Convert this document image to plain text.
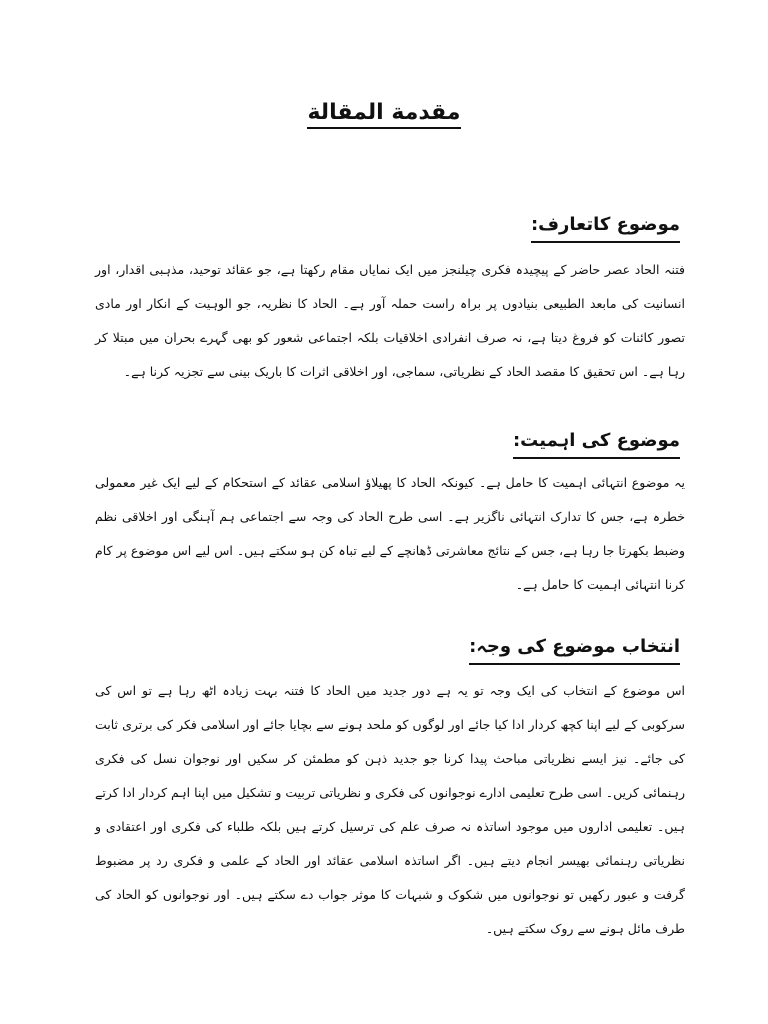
مقدمة المقالة
موضوع کاتعارف:

فتنہ الحاد عصر حاضر کے پیچیدہ فکری چیلنجز میں ایک نمایاں مقام رکھتا ہے، جو عقائد توحید، مذہبی اقدار، اور انسانیت کی مابعد الطبیعی بنیادوں پر براہ راست حملہ آور ہے۔ الحاد کا نظریہ، جو الوہیت کے انکار اور مادی تصور کائنات کو فروغ دیتا ہے، نہ صرف انفرادی اخلاقیات بلکہ اجتماعی شعور کو بھی گہرے بحران میں مبتلا کر رہا ہے۔ اس تحقیق کا مقصد الحاد کے نظریاتی، سماجی، اور اخلاقی اثرات کا باریک بینی سے تجزیہ کرنا ہے۔

موضوع کی اہمیت:

یہ موضوع انتہائی اہمیت کا حامل ہے۔ کیونکہ الحاد کا پھیلاؤ اسلامی عقائد کے استحکام کے لیے ایک غیر معمولی خطرہ ہے، جس کا تدارک انتہائی ناگزیر ہے۔ اسی طرح الحاد کی وجہ سے اجتماعی ہم آہنگی اور اخلاقی نظم وضبط بکھرتا جا رہا ہے، جس کے نتائج معاشرتی ڈھانچے کے لیے تباہ کن ہو سکتے ہیں۔ اس لیے اس موضوع پر کام کرنا انتہائی اہمیت کا حامل ہے۔

انتخاب موضوع کی وجہ:

اس موضوع کے انتخاب کی ایک وجہ تو یہ ہے دور جدید میں الحاد کا فتنہ بہت زیادہ اٹھ رہا ہے تو اس کی سرکوبی کے لیے اپنا کچھ کردار ادا کیا جائے اور لوگوں کو ملحد ہونے سے بچایا جائے اور اسلامی فکر کی برتری ثابت کی جائے۔ نیز ایسے نظریاتی مباحث پیدا کرنا جو جدید ذہن کو مطمئن کر سکیں اور نوجوان نسل کی فکری رہنمائی کریں۔ اسی طرح تعلیمی ادارے نوجوانوں کی فکری و نظریاتی تربیت و تشکیل میں اپنا اہم کردار ادا کرتے ہیں۔ تعلیمی اداروں میں موجود اساتذہ نہ صرف علم کی ترسیل کرتے ہیں بلکہ طلباء کی فکری اور اعتقادی و نظریاتی رہنمائی بھیسر انجام دیتے ہیں۔ اگر اساتذہ اسلامی عقائد اور الحاد کے علمی و فکری رد پر مضبوط گرفت و عبور رکھیں تو نوجوانوں میں شکوک و شبہات کا موثر جواب دے سکتے ہیں۔ اور نوجوانوں کو الحاد کی طرف مائل ہونے سے روک سکتے ہیں۔
